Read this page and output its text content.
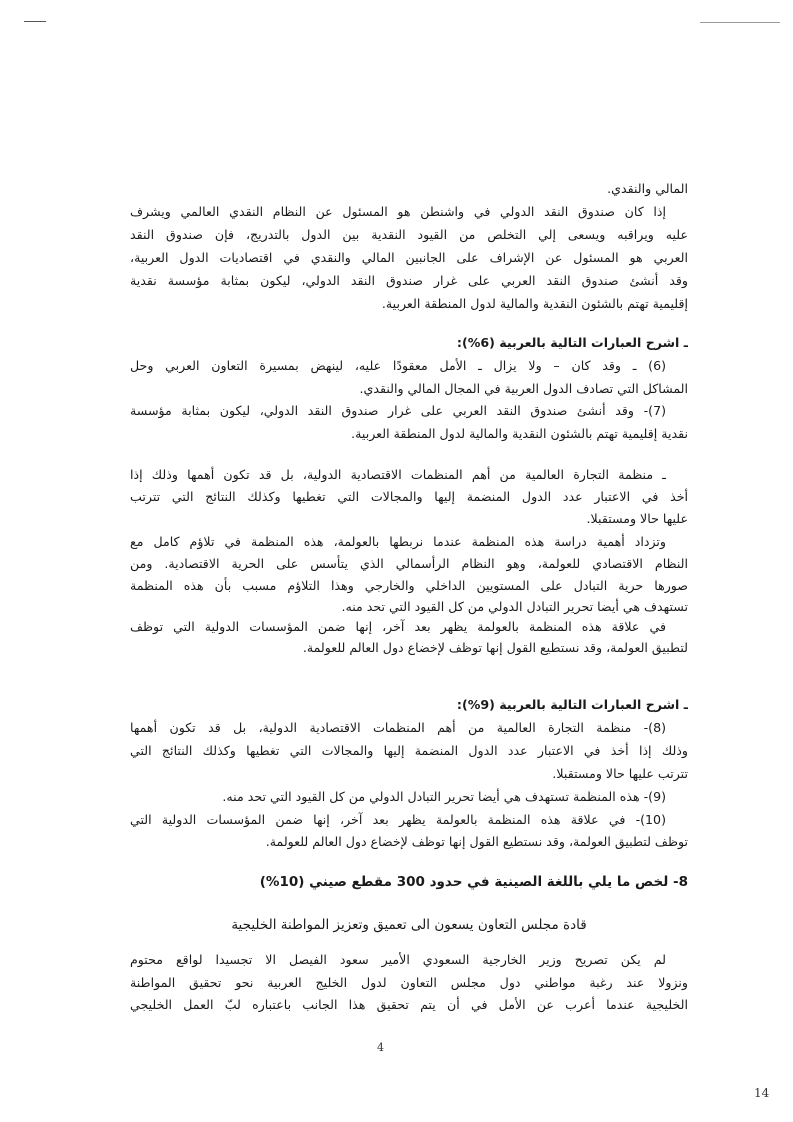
المالي والنقدي.
إذا كان صندوق النقد الدولي في واشنطن هو المسئول عن النظام النقدي العالمي ويشرف
عليه ويراقبه ويسعى إلي التخلص من القيود النقدية بين الدول بالتدريج، فإن صندوق النقد
العربي هو المسئول عن الإشراف على الجانبين المالي والنقدي في اقتصاديات الدول العربية،
وقد أنشئ صندوق النقد العربي على غرار صندوق النقد الدولي، ليكون بمثابة مؤسسة نقدية
إقليمية تهتم بالشئون النقدية والمالية لدول المنطقة العربية.
ـ اشرح العبارات التالية بالعربية (6%):
(6) ـ وقد كان – ولا يزال ـ الأمل معقودًا عليه، لينهض بمسيرة التعاون العربي وحل
المشاكل التي تصادف الدول العربية في المجال المالي والنقدي.
(7)- وقد أنشئ صندوق النقد العربي على غرار صندوق النقد الدولي، ليكون بمثابة مؤسسة
نقدية إقليمية تهتم بالشئون النقدية والمالية لدول المنطقة العربية.
ـ منظمة التجارة العالمية من أهم المنظمات الاقتصادية الدولية، بل قد تكون أهمها وذلك إذا
أخذ في الاعتبار عدد الدول المنضمة إليها والمجالات التي تغطيها وكذلك النتائج التي تترتب
عليها حالا ومستقبلا.
وتزداد أهمية دراسة هذه المنظمة عندما نربطها بالعولمة، هذه المنظمة في تلاؤم كامل مع
النظام الاقتصادي للعولمة، وهو النظام الرأسمالي الذي يتأسس على الحرية الاقتصادية. ومن
صورها حرية التبادل على المستويين الداخلي والخارجي وهذا التلاؤم مسبب بأن هذه المنظمة
تستهدف هي أيضا تحرير التبادل الدولي من كل القيود التي تحد منه.
في علاقة هذه المنظمة بالعولمة يظهر بعد آخر، إنها ضمن المؤسسات الدولية التي توظف
لتطبيق العولمة، وقد نستطيع القول إنها توظف لإخضاع دول العالم للعولمة.
ـ اشرح العبارات التالية بالعربية (9%):
(8)- منظمة التجارة العالمية من أهم المنظمات الاقتصادية الدولية، بل قد تكون أهمها
وذلك إذا أخذ في الاعتبار عدد الدول المنضمة إليها والمجالات التي تغطيها وكذلك النتائج التي
تترتب عليها حالا ومستقبلا.
(9)- هذه المنظمة تستهدف هي أيضا تحرير التبادل الدولي من كل القيود التي تحد منه.
(10)- في علاقة هذه المنظمة بالعولمة يظهر بعد آخر، إنها ضمن المؤسسات الدولية التي
توظف لتطبيق العولمة، وقد نستطيع القول إنها توظف لإخضاع دول العالم للعولمة.
8- لخص ما يلي باللغة الصينية في حدود 300 مقطع صيني (10%)
قادة مجلس التعاون يسعون الى تعميق وتعزيز المواطنة الخليجية
لم يكن تصريح وزير الخارجية السعودي الأمير سعود الفيصل الا تجسيدا لواقع محتوم
ونزولا عند رغبة مواطني دول مجلس التعاون لدول الخليج العربية نحو تحقيق المواطنة
الخليجية عندما أعرب عن الأمل في أن يتم تحقيق هذا الجانب باعتباره لبّ العمل الخليجي
4
14
